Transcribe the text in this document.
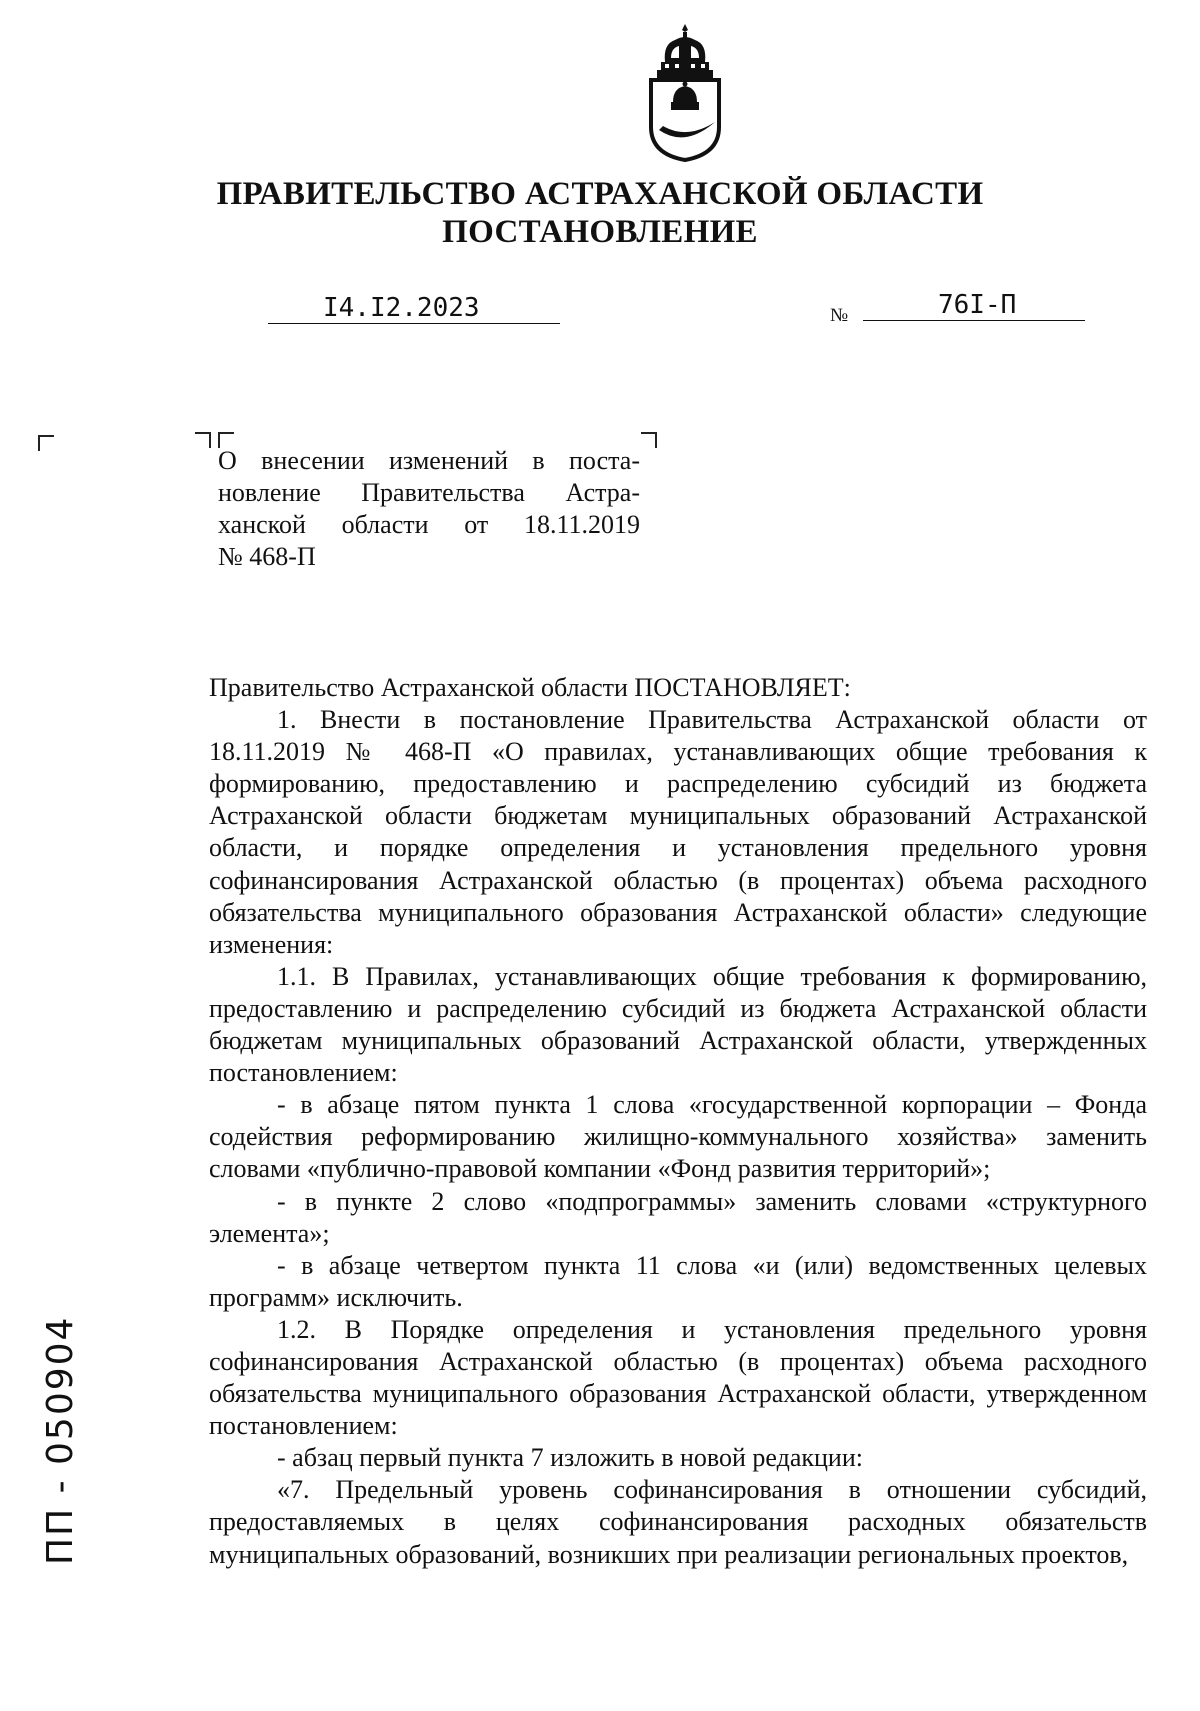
ПРАВИТЕЛЬСТВО АСТРАХАНСКОЙ ОБЛАСТИ
ПОСТАНОВЛЕНИЕ
I4.I2.2023	№	76I-П
О внесении изменений в поста-
новление Правительства Астра-
ханской области от 18.11.2019
№ 468-П

Правительство Астраханской области ПОСТАНОВЛЯЕТ:

1. Внести в постановление Правительства Астраханской области от 18.11.2019 № 468-П «О правилах, устанавливающих общие требования к формированию, предоставлению и распределению субсидий из бюджета Астраханской области бюджетам муниципальных образований Астраханской области, и порядке определения и установления предельного уровня софинансирования Астраханской областью (в процентах) объема расходного обязательства муниципального образования Астраханской области» следующие изменения:

1.1. В Правилах, устанавливающих общие требования к формированию, предоставлению и распределению субсидий из бюджета Астраханской области бюджетам муниципальных образований Астраханской области, утвержденных постановлением:

- в абзаце пятом пункта 1 слова «государственной корпорации – Фонда содействия реформированию жилищно-коммунального хозяйства» заменить словами «публично-правовой компании «Фонд развития территорий»;

- в пункте 2 слово «подпрограммы» заменить словами «структурного элемента»;

- в абзаце четвертом пункта 11 слова «и (или) ведомственных целевых программ» исключить.

1.2. В Порядке определения и установления предельного уровня софинансирования Астраханской областью (в процентах) объема расходного обязательства муниципального образования Астраханской области, утвержденном постановлением:

- абзац первый пункта 7 изложить в новой редакции:

«7. Предельный уровень софинансирования в отношении субсидий, предоставляемых в целях софинансирования расходных обязательств муниципальных образований, возникших при реализации региональных проектов,

ПП - 050904
